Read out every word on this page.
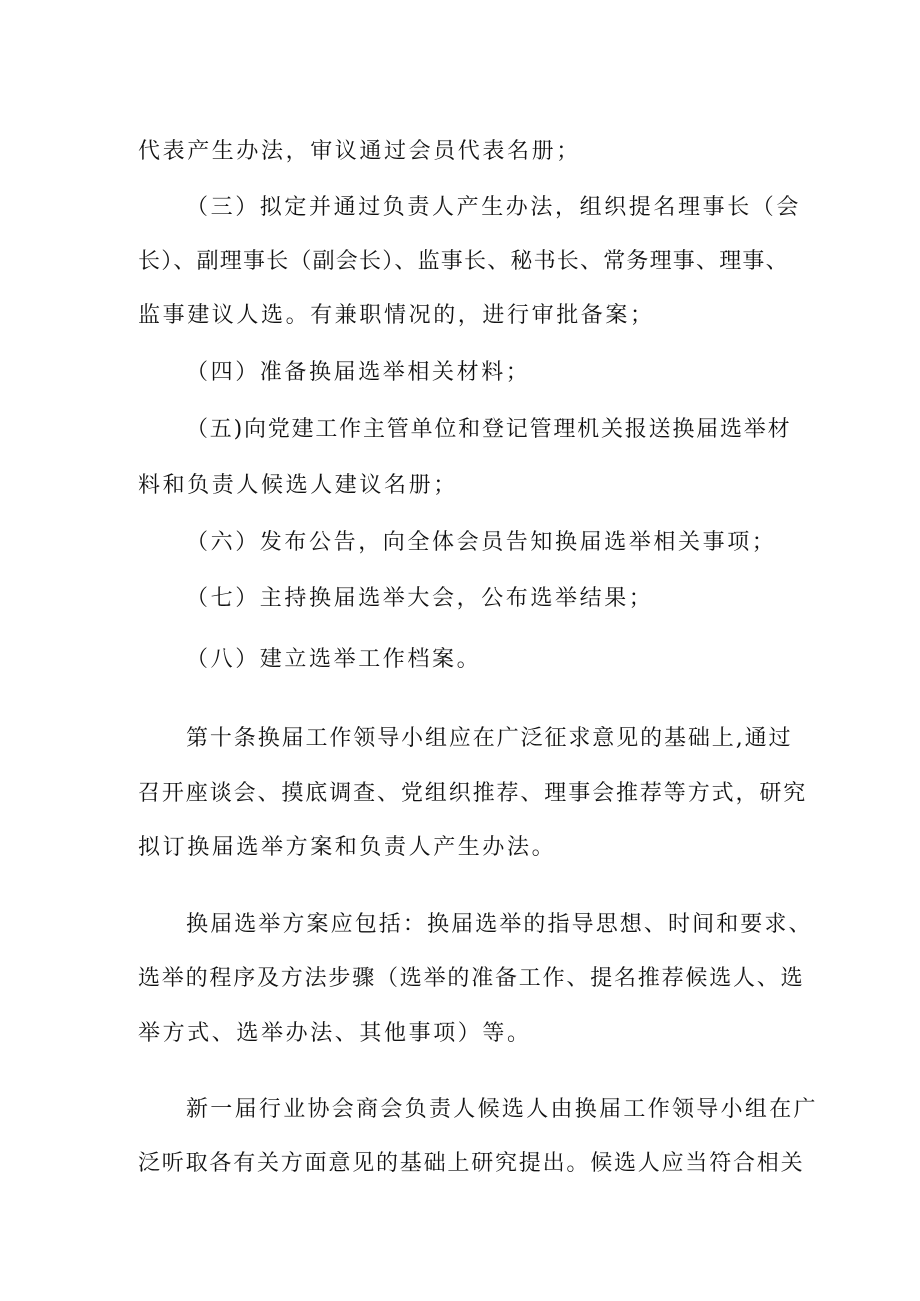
代表产生办法，审议通过会员代表名册；
（三）拟定并通过负责人产生办法，组织提名理事长（会
长）、副理事长（副会长）、监事长、秘书长、常务理事、理事、
监事建议人选。有兼职情况的，进行审批备案；
（四）准备换届选举相关材料；
（五)向党建工作主管单位和登记管理机关报送换届选举材
料和负责人候选人建议名册；
（六）发布公告，向全体会员告知换届选举相关事项；
（七）主持换届选举大会，公布选举结果；
（八）建立选举工作档案。
第十条换届工作领导小组应在广泛征求意见的基础上,通过
召开座谈会、摸底调查、党组织推荐、理事会推荐等方式，研究
拟订换届选举方案和负责人产生办法。
换届选举方案应包括：换届选举的指导思想、时间和要求、
选举的程序及方法步骤（选举的准备工作、提名推荐候选人、选
举方式、选举办法、其他事项）等。
新一届行业协会商会负责人候选人由换届工作领导小组在广
泛听取各有关方面意见的基础上研究提出。候选人应当符合相关
